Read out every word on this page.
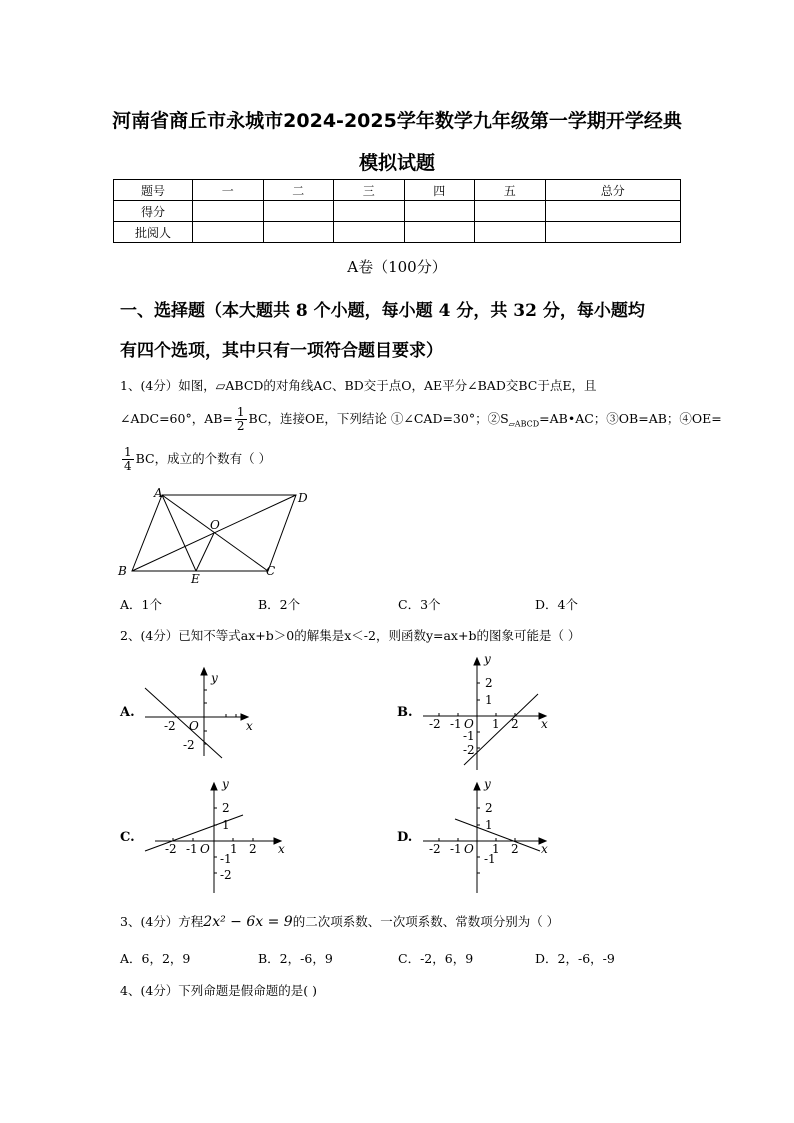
河南省商丘市永城市2024-2025学年数学九年级第一学期开学经典
模拟试题
题号	一	二	三	四	五	总分
得分						
批阅人						
A卷（100分）
一、选择题（本大题共 8 个小题，每小题 4 分，共 32 分，每小题均
有四个选项，其中只有一项符合题目要求）
1、(4分）如图，▱ABCD的对角线AC、BD交于点O，AE平分∠BAD交BC于点E，且
∠ADC=60°，$AB= \frac{1}{2}$ BC，连接OE，下列结论 ①∠CAD=30°；$②S_{▱ABCD}=AB•AC$；③OB=AB；④OE=
$\frac{1}{4}$ BC，成立的个数有（ ）
A	D
B	C
O
E
A．1个	B．2个	C．3个	D．4个
2、(4分）已知不等式ax+b＞0的解集是x＜-2，则函数y=ax+b的图象可能是（ ）
A.	B.
C.	D.
y
x
-2 O
-2
y
2
1
-2 -1 O 1 2 x
-1
-2
y
2
1
-2 -1 O 1 2 x
-1
-2
y
2
1
-2 -1 O 1 2 x
-1
3、(4分）方程2x² − 6x = 9的二次项系数、一次项系数、常数项分别为（ ）
A．6，2，9	B．2，-6，9	C．-2，6，9	D．2，-6，-9
4、(4分）下列命题是假命题的是( )
